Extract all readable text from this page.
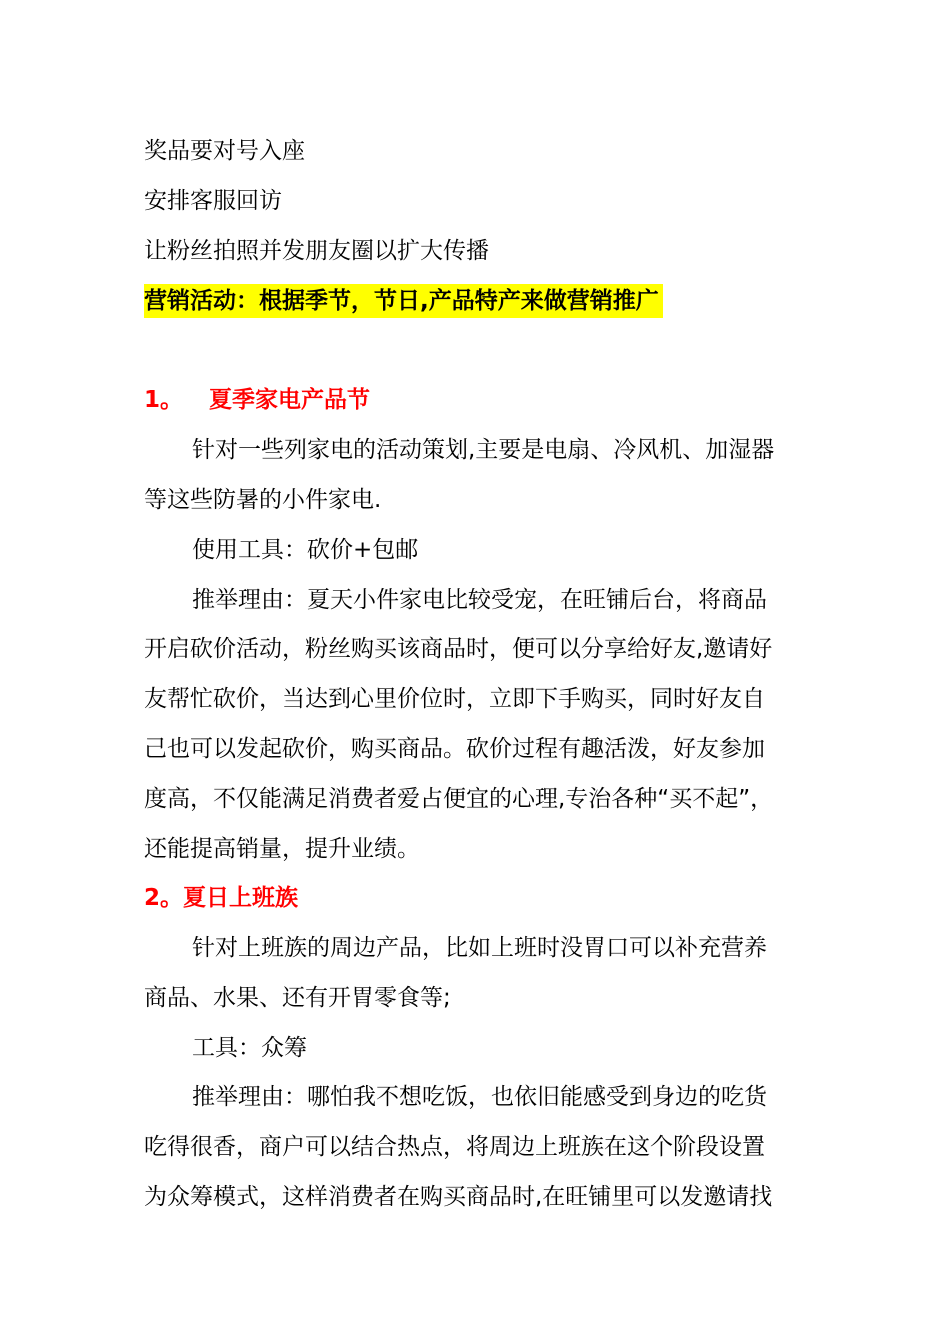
奖品要对号入座
安排客服回访
让粉丝拍照并发朋友圈以扩大传播
营销活动：根据季节，节日,产品特产来做营销推广
1。 夏季家电产品节
针对一些列家电的活动策划,主要是电扇、冷风机、加湿器
等这些防暑的小件家电.
使用工具：砍价+包邮
推举理由：夏天小件家电比较受宠，在旺铺后台，将商品
开启砍价活动，粉丝购买该商品时，便可以分享给好友,邀请好
友帮忙砍价，当达到心里价位时，立即下手购买，同时好友自
己也可以发起砍价，购买商品。砍价过程有趣活泼，好友参加
度高，不仅能满足消费者爱占便宜的心理,专治各种“买不起”，
还能提高销量，提升业绩。
2。夏日上班族
针对上班族的周边产品，比如上班时没胃口可以补充营养
商品、水果、还有开胃零食等;
工具：众筹
推举理由：哪怕我不想吃饭，也依旧能感受到身边的吃货
吃得很香，商户可以结合热点，将周边上班族在这个阶段设置
为众筹模式，这样消费者在购买商品时,在旺铺里可以发邀请找
